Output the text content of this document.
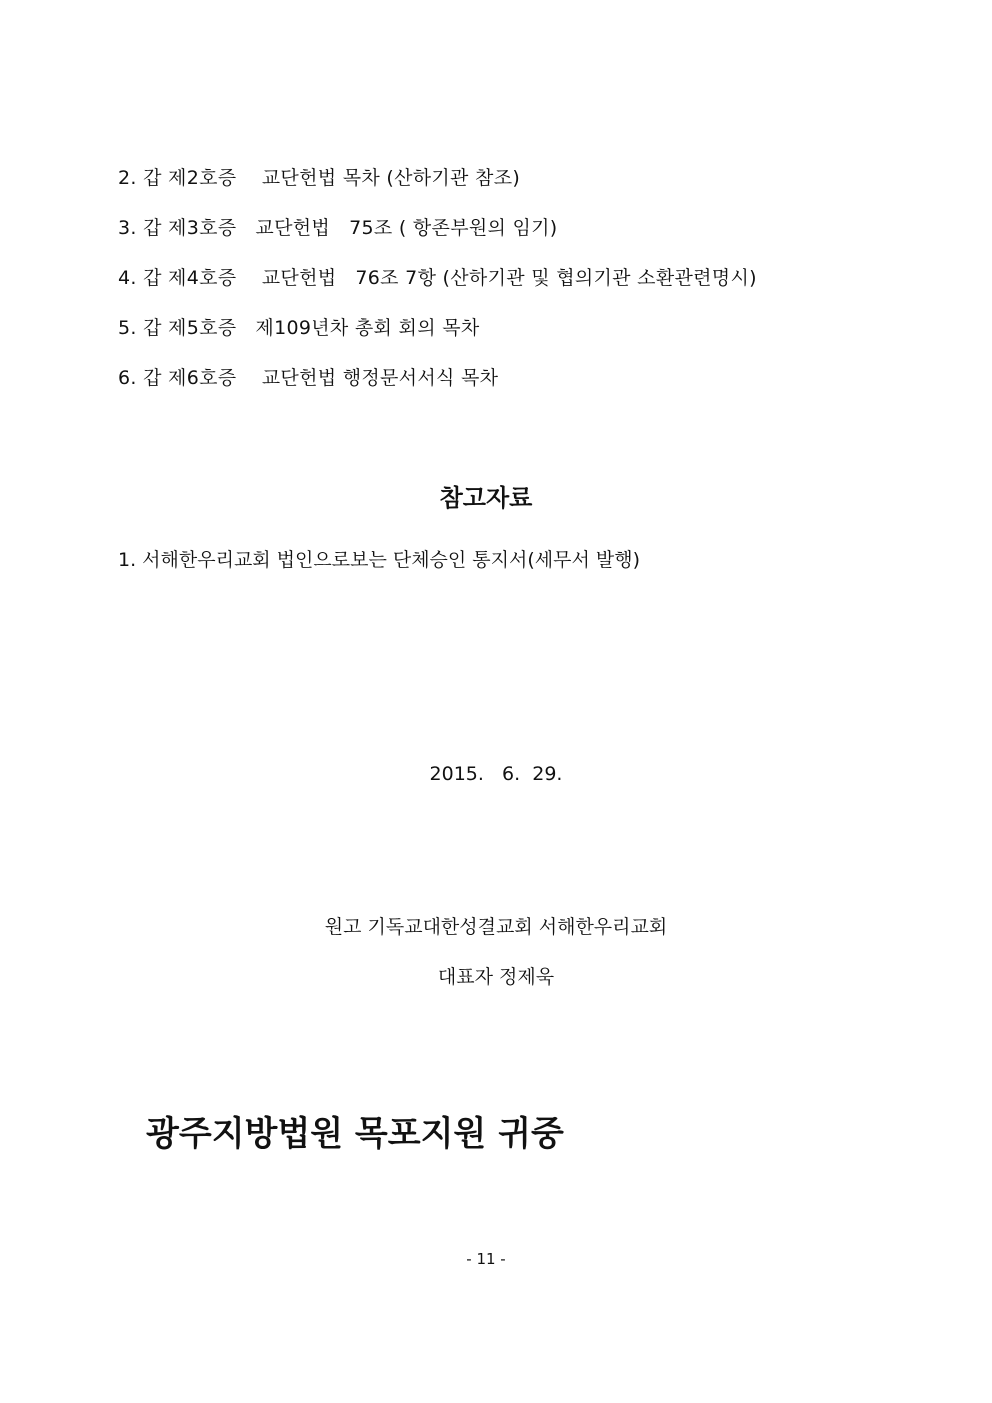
2. 갑 제2호증    교단헌법 목차 (산하기관 참조)
3. 갑 제3호증   교단헌법   75조 ( 항존부원의 임기)
4. 갑 제4호증    교단헌법   76조 7항 (산하기관 및 협의기관 소환관련명시)
5. 갑 제5호증   제109년차 총회 회의 목차
6. 갑 제6호증    교단헌법 행정문서서식 목차
참고자료
1. 서해한우리교회 법인으로보는 단체승인 통지서(세무서 발행)
2015.   6.  29.
원고 기독교대한성결교회 서해한우리교회
대표자 정제욱
광주지방법원 목포지원 귀중
- 11 -
